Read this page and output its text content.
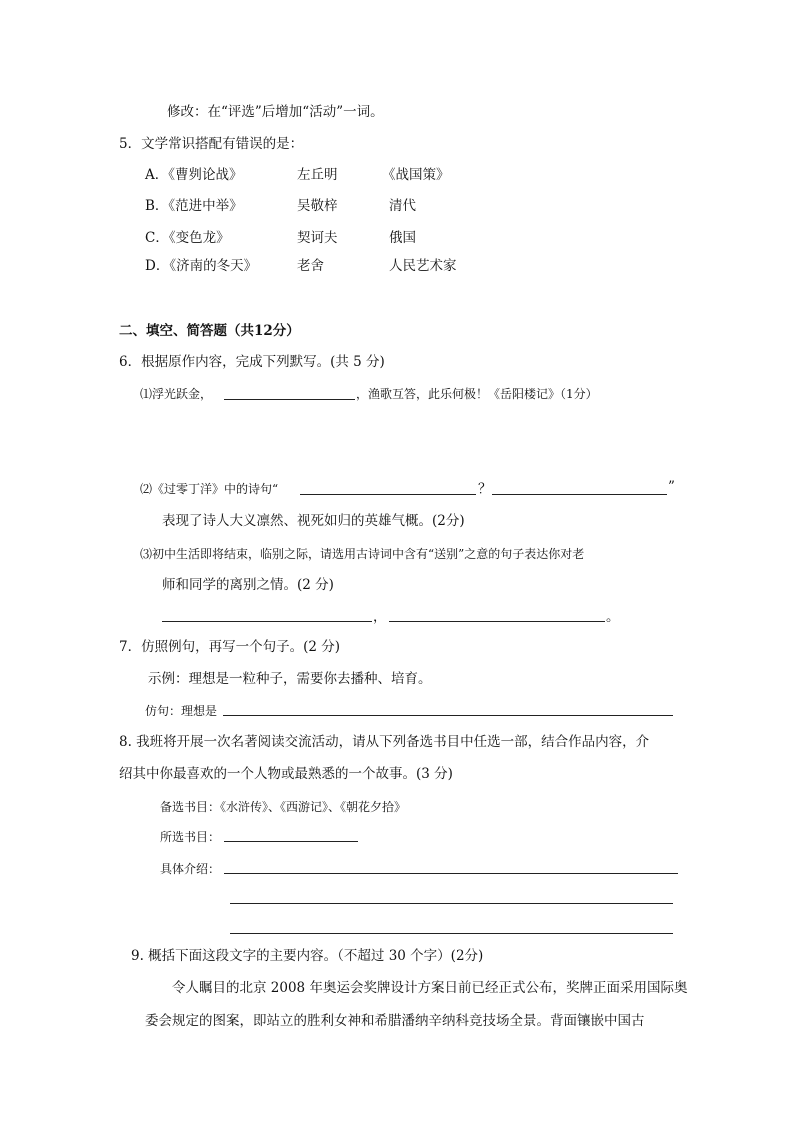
修改：在“评选”后增加“活动”一词。
5．文学常识搭配有错误的是：
A．《曹刿论战》	左丘明	《战国策》
B．《范进中举》	吴敬梓	清代
C．《变色龙》	契诃夫	俄国
D．《济南的冬天》	老舍	人民艺术家
二、填空、简答题（共12分）
6．根据原作内容，完成下列默写。(共 5 分)
⑴浮光跃金，	，渔歌互答，此乐何极！《岳阳楼记》（1分）
⑵《过零丁洋》中的诗句“	？	”
表现了诗人大义凛然、视死如归的英雄气概。(2分)
⑶初中生活即将结束，临别之际，请选用古诗词中含有“送别”之意的句子表达你对老
师和同学的离别之情。(2 分)
，	。
7．仿照例句，再写一个句子。(2 分)
示例：理想是一粒种子，需要你去播种、培育。
仿句：理想是
8. 我班将开展一次名著阅读交流活动，请从下列备选书目中任选一部，结合作品内容，介
绍其中你最喜欢的一个人物或最熟悉的一个故事。(3 分)
备选书目：《水浒传》、《西游记》、《朝花夕拾》
所选书目：
具体介绍：
9. 概括下面这段文字的主要内容。（不超过 30 个字）(2分)
令人瞩目的北京 2008 年奥运会奖牌设计方案日前已经正式公布，奖牌正面采用国际奥
委会规定的图案，即站立的胜利女神和希腊潘纳辛纳科竞技场全景。背面镶嵌中国古
